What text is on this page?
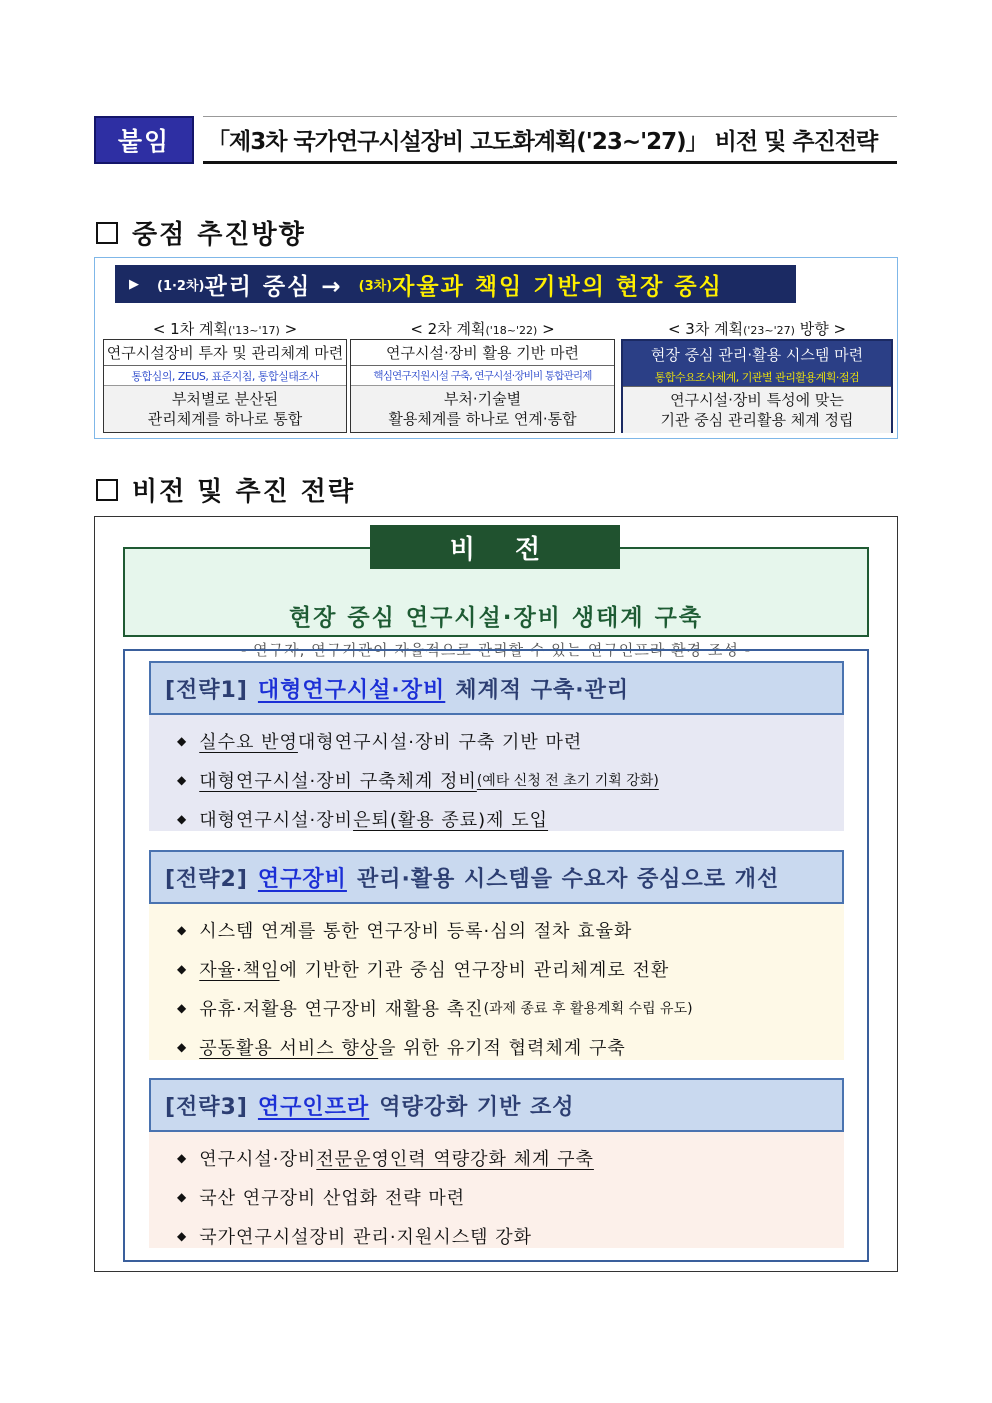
붙임 「제3차 국가연구시설장비 고도화계획('23~'27)」 비전 및 추진전략
중점 추진방향
▶ (1·2차) 관리 중심 → (3차) 자율과 책임 기반의 현장 중심
< 1차 계획('13~'17) >
연구시설장비 투자 및 관리체계 마련
통합심의, ZEUS, 표준지침, 통합실태조사
부처별로 분산된
관리체계를 하나로 통합
< 2차 계획('18~'22) >
연구시설·장비 활용 기반 마련
핵심연구지원시설 구축, 연구시설·장비비 통합관리제
부처·기술별
활용체계를 하나로 연계·통합
< 3차 계획('23~'27) 방향 >
현장 중심 관리·활용 시스템 마련
통합수요조사체계, 기관별 관리활용계획·점검
연구시설·장비 특성에 맞는
기관 중심 관리활용 체계 정립
비전 및 추진 전략
현장 중심 연구시설·장비 생태계 구축
- 연구자, 연구기관이 자율적으로 관리할 수 있는 연구인프라 환경 조성 -
비전
[전략1] 대형연구시설·장비 체계적 구축·관리
◆ 실수요 반영 대형연구시설·장비 구축 기반 마련
◆ 대형연구시설·장비 구축체계 정비 (예타 신청 전 초기 기획 강화)
◆ 대형연구시설·장비 은퇴(활용 종료)제 도입
[전략2] 연구장비 관리·활용 시스템을 수요자 중심으로 개선
◆ 시스템 연계를 통한 연구장비 등록·심의 절차 효율화
◆ 자율·책임 에 기반한 기관 중심 연구장비 관리체계로 전환
◆ 유휴·저활용 연구장비 재활용 촉진 (과제 종료 후 활용계획 수립 유도)
◆ 공동활용 서비스 향상 을 위한 유기적 협력체계 구축
[전략3] 연구인프라 역량강화 기반 조성
◆ 연구시설·장비 전문운영인력 역량강화 체계 구축
◆ 국산 연구장비 산업화 전략 마련
◆ 국가연구시설장비 관리·지원시스템 강화
